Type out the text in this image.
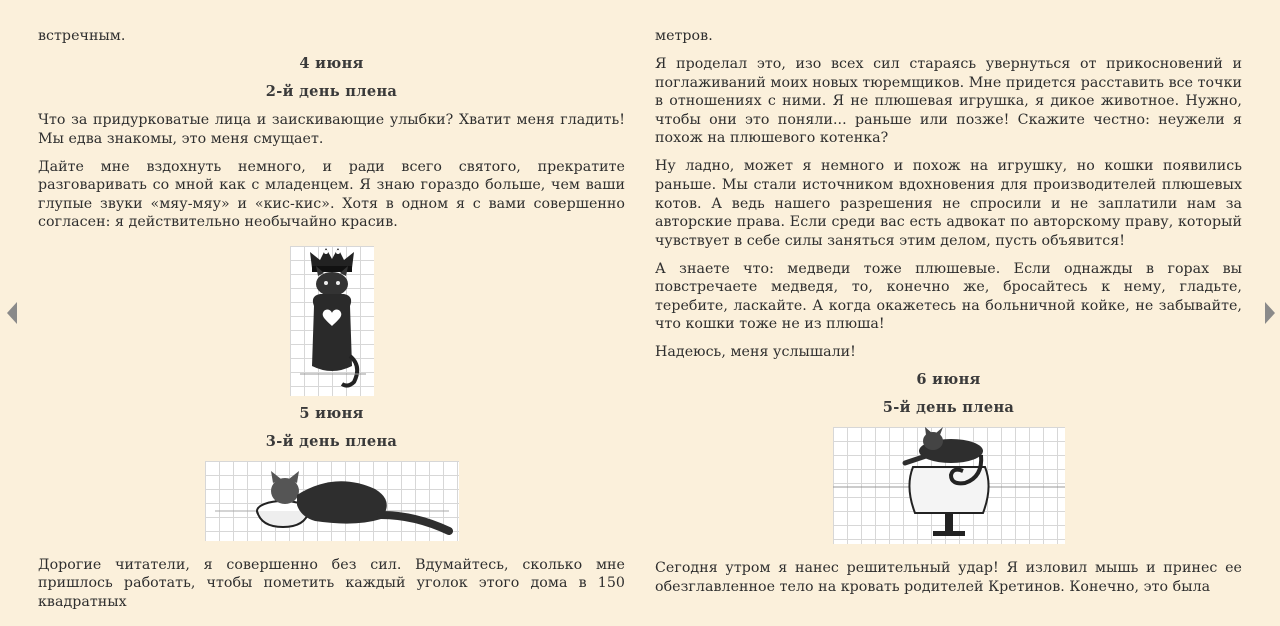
встречным.

4 июня
2-й день плена

Что за придурковатые лица и заискивающие улыбки? Хватит меня гладить! Мы едва знакомы, это меня смущает.

Дайте мне вздохнуть немного, и ради всего святого, прекратите разговаривать со мной как с младенцем. Я знаю гораздо больше, чем ваши глупые звуки «мяу-мяу» и «кис-кис». Хотя в одном я с вами совершенно согласен: я действительно необычайно красив.

5 июня
3-й день плена

Дорогие читатели, я совершенно без сил. Вдумайтесь, сколько мне пришлось работать, чтобы пометить каждый уголок этого дома в 150 квадратных

метров.

Я проделал это, изо всех сил стараясь увернуться от прикосновений и поглаживаний моих новых тюремщиков. Мне придется расставить все точки в отношениях с ними. Я не плюшевая игрушка, я дикое животное. Нужно, чтобы они это поняли... раньше или позже! Скажите честно: неужели я похож на плюшевого котенка?

Ну ладно, может я немного и похож на игрушку, но кошки появились раньше. Мы стали источником вдохновения для производителей плюшевых котов. А ведь нашего разрешения не спросили и не заплатили нам за авторские права. Если среди вас есть адвокат по авторскому праву, который чувствует в себе силы заняться этим делом, пусть объявится!

А знаете что: медведи тоже плюшевые. Если однажды в горах вы повстречаете медведя, то, конечно же, бросайтесь к нему, гладьте, теребите, ласкайте. А когда окажетесь на больничной койке, не забывайте, что кошки тоже не из плюша!

Надеюсь, меня услышали!

6 июня
5-й день плена

Сегодня утром я нанес решительный удар! Я изловил мышь и принес ее обезглавленное тело на кровать родителей Кретинов. Конечно, это была
